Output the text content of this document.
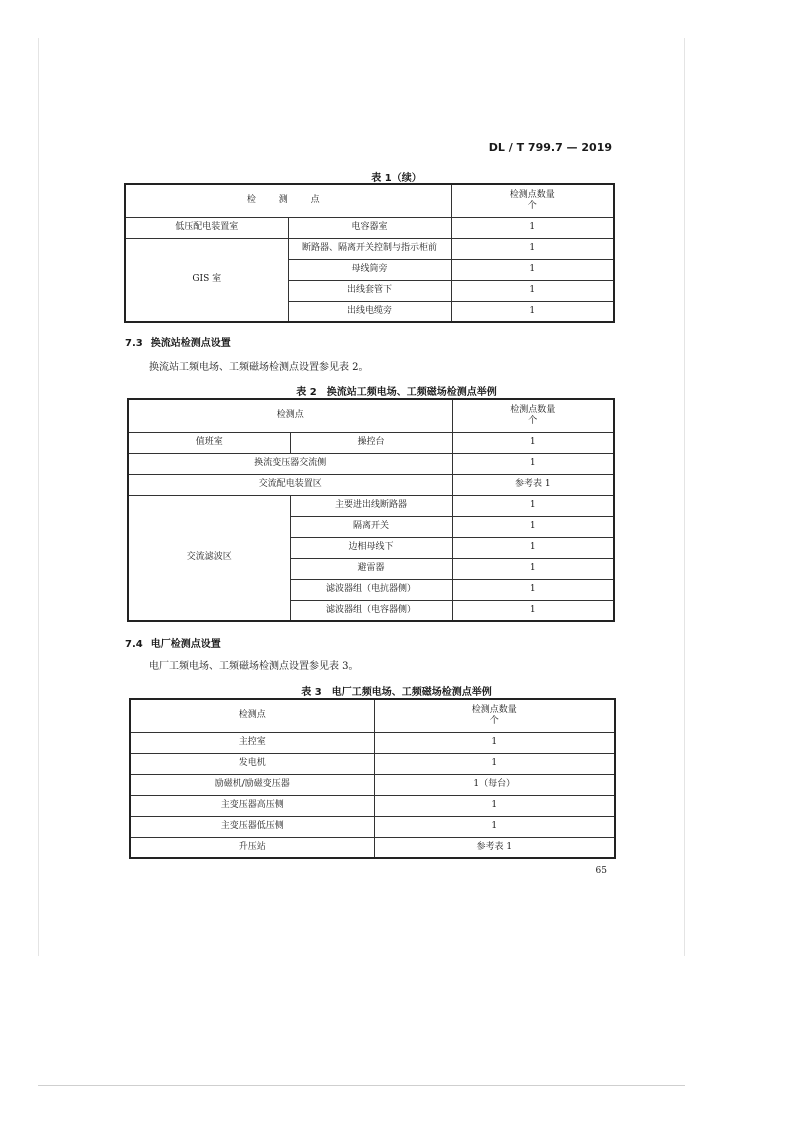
DL / T 799.7 — 2019
表 1（续）
检 测 点		检测点数量
个

低压配电装置室	电容器室	1
GIS 室	断路器、隔离开关控制与指示柜前	1
	母线筒旁	1
	出线套管下	1
	出线电缆旁	1
7.3 换流站检测点设置
换流站工频电场、工频磁场检测点设置参见表 2。
表 2　换流站工频电场、工频磁场检测点举例
检测点		检测点数量
个

值班室	操控台	1
换流变压器交流侧		1
交流配电装置区		参考表 1
交流滤波区	主要进出线断路器	1
	隔离开关	1
	边相母线下	1
	避雷器	1
	滤波器组（电抗器侧）	1
	滤波器组（电容器侧）	1
7.4 电厂检测点设置
电厂工频电场、工频磁场检测点设置参见表 3。
表 3　电厂工频电场、工频磁场检测点举例
检测点	检测点数量
个

主控室	1
发电机	1
励磁机/励磁变压器	1（每台）
主变压器高压侧	1
主变压器低压侧	1
升压站	参考表 1
65
